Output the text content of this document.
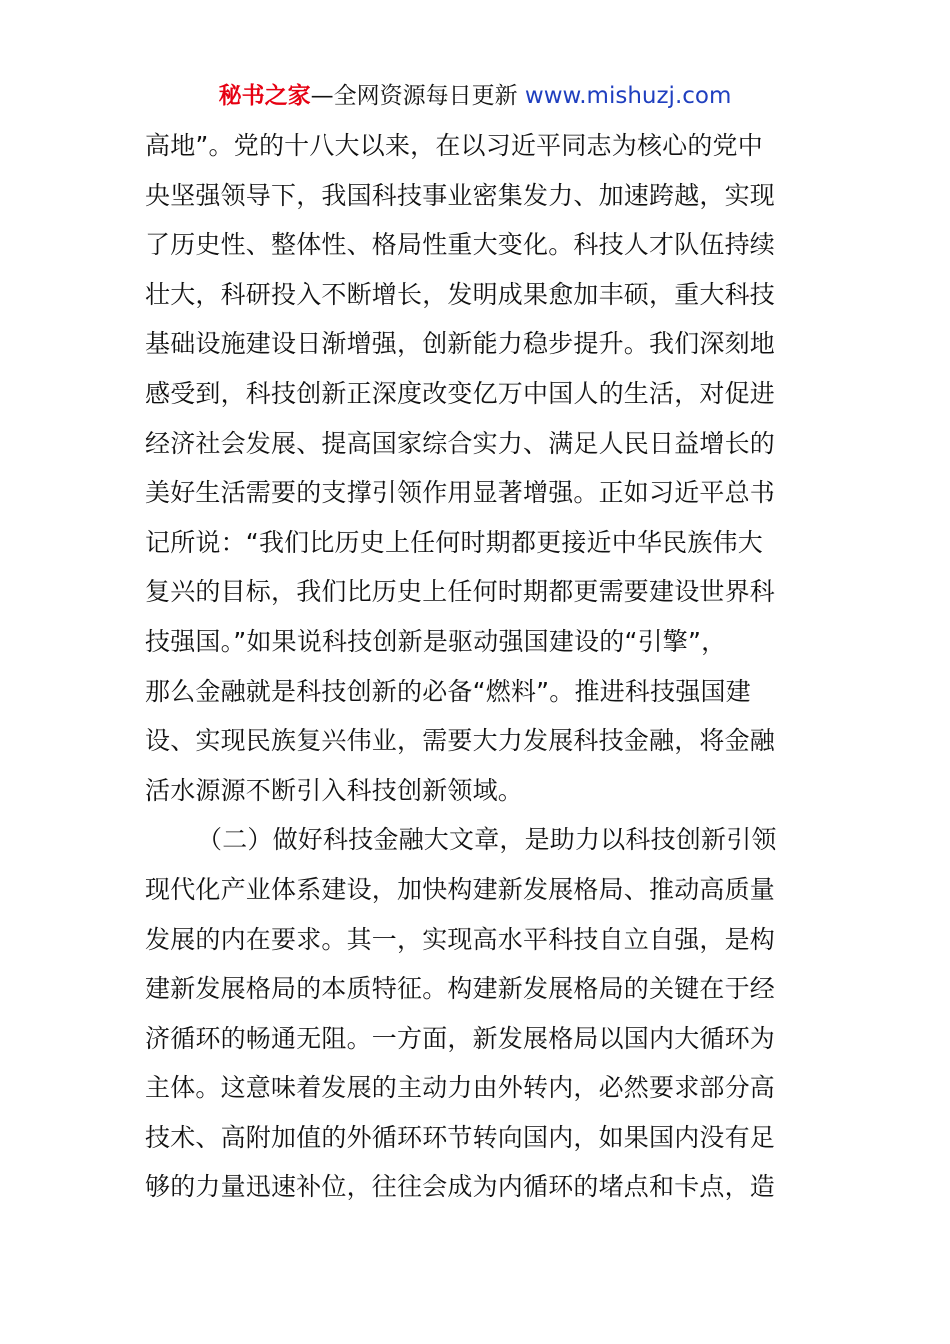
秘书之家—全网资源每日更新 www.mishuzj.com
高地”。党的十八大以来，在以习近平同志为核心的党中
央坚强领导下，我国科技事业密集发力、加速跨越，实现
了历史性、整体性、格局性重大变化。科技人才队伍持续
壮大，科研投入不断增长，发明成果愈加丰硕，重大科技
基础设施建设日渐增强，创新能力稳步提升。我们深刻地
感受到，科技创新正深度改变亿万中国人的生活，对促进
经济社会发展、提高国家综合实力、满足人民日益增长的
美好生活需要的支撑引领作用显著增强。正如习近平总书
记所说：“我们比历史上任何时期都更接近中华民族伟大
复兴的目标，我们比历史上任何时期都更需要建设世界科
技强国。”如果说科技创新是驱动强国建设的“引擎”，
那么金融就是科技创新的必备“燃料”。推进科技强国建
设、实现民族复兴伟业，需要大力发展科技金融，将金融
活水源源不断引入科技创新领域。
（二）做好科技金融大文章，是助力以科技创新引领
现代化产业体系建设，加快构建新发展格局、推动高质量
发展的内在要求。其一，实现高水平科技自立自强，是构
建新发展格局的本质特征。构建新发展格局的关键在于经
济循环的畅通无阻。一方面，新发展格局以国内大循环为
主体。这意味着发展的主动力由外转内，必然要求部分高
技术、高附加值的外循环环节转向国内，如果国内没有足
够的力量迅速补位，往往会成为内循环的堵点和卡点，造
